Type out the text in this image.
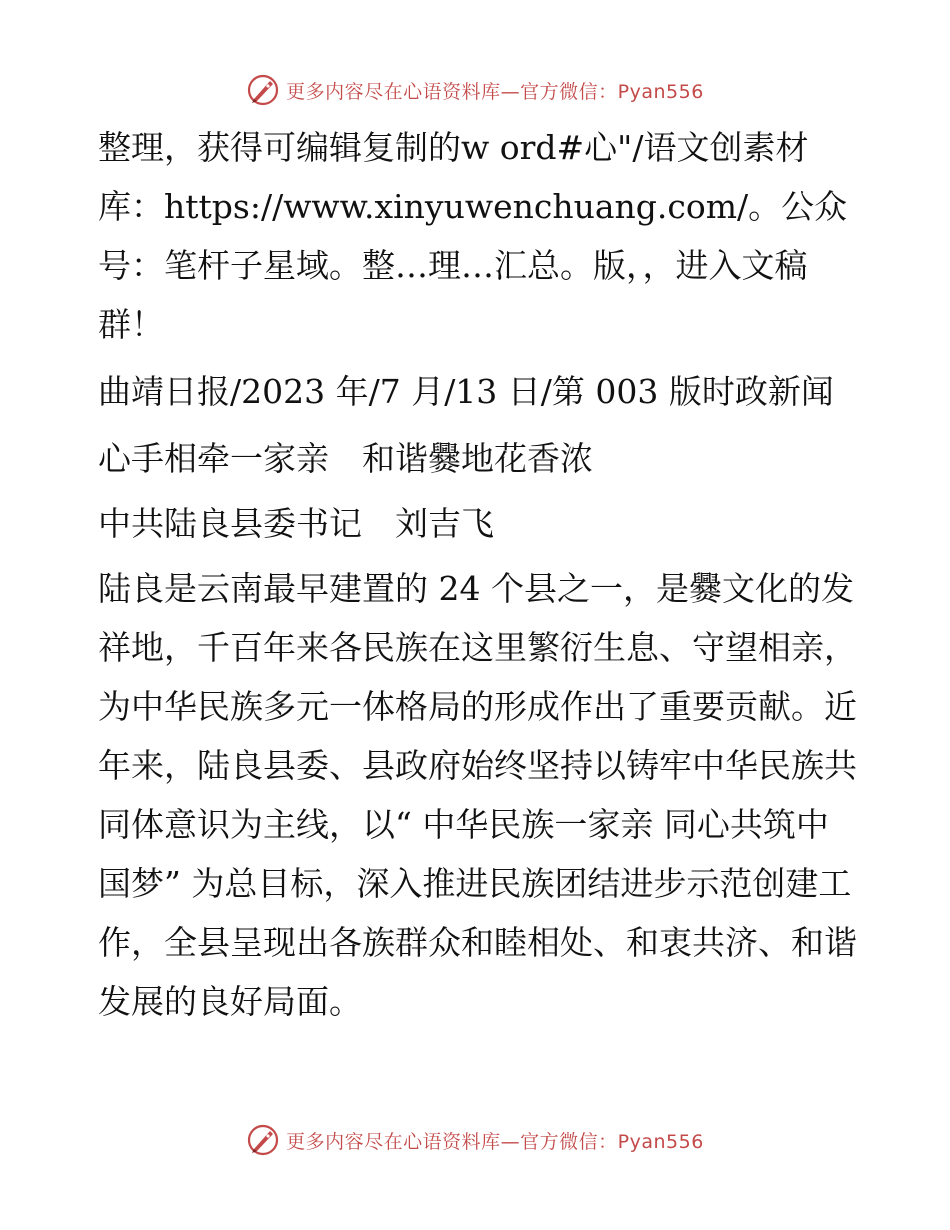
更多内容尽在心语资料库—官方微信：Pyan556

整理，获得可编辑复制的w ord#心"/语文创素材库：https://www.xinyuwenchuang.com/。公众号：笔杆子星域。整…理…汇总。版，，进入文稿群！

曲靖日报/2023 年/7 月/13 日/第 003 版时政新闻

心手相牵一家亲　和谐爨地花香浓

中共陆良县委书记　刘吉飞

陆良是云南最早建置的 24 个县之一，是爨文化的发祥地，千百年来各民族在这里繁衍生息、守望相亲，为中华民族多元一体格局的形成作出了重要贡献。近年来，陆良县委、县政府始终坚持以铸牢中华民族共同体意识为主线，以“ 中华民族一家亲 同心共筑中国梦” 为总目标，深入推进民族团结进步示范创建工作，全县呈现出各族群众和睦相处、和衷共济、和谐发展的良好局面。

更多内容尽在心语资料库—官方微信：Pyan556
